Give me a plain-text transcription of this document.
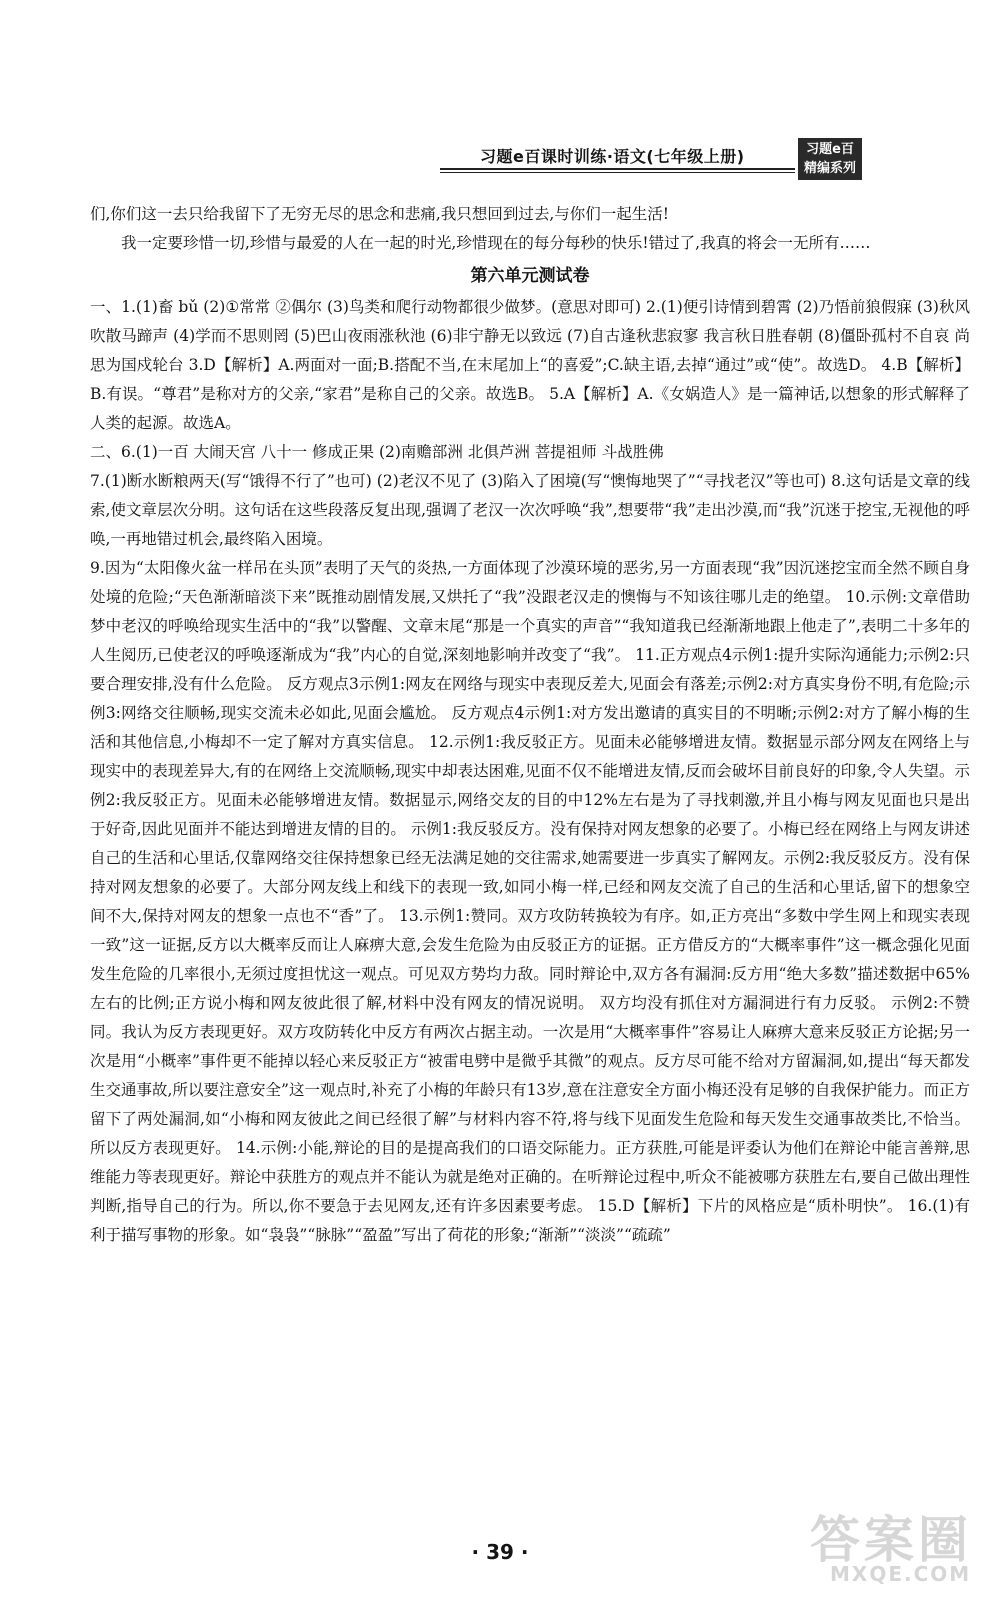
习题e百课时训练·语文(七年级上册)	习题e百
精编系列

们,你们这一去只给我留下了无穷无尽的思念和悲痛,我只想回到过去,与你们一起生活!

我一定要珍惜一切,珍惜与最爱的人在一起的时光,珍惜现在的每分每秒的快乐!错过了,我真的将会一无所有……

第六单元测试卷

一、1.(1)畜 bǔ (2)①常常 ②偶尔 (3)鸟类和爬行动物都很少做梦。(意思对即可) 2.(1)便引诗情到碧霄 (2)乃悟前狼假寐 (3)秋风吹散马蹄声 (4)学而不思则罔 (5)巴山夜雨涨秋池 (6)非宁静无以致远 (7)自古逢秋悲寂寥 我言秋日胜春朝 (8)僵卧孤村不自哀 尚思为国戍轮台 3.D【解析】A.两面对一面;B.搭配不当,在末尾加上“的喜爱”;C.缺主语,去掉“通过”或“使”。故选D。 4.B【解析】B.有误。“尊君”是称对方的父亲,“家君”是称自己的父亲。故选B。 5.A【解析】A.《女娲造人》是一篇神话,以想象的形式解释了人类的起源。故选A。

二、6.(1)一百 大闹天宫 八十一 修成正果 (2)南赡部洲 北俱芦洲 菩提祖师 斗战胜佛

7.(1)断水断粮两天(写“饿得不行了”也可) (2)老汉不见了 (3)陷入了困境(写“懊悔地哭了”“寻找老汉”等也可) 8.这句话是文章的线索,使文章层次分明。这句话在这些段落反复出现,强调了老汉一次次呼唤“我”,想要带“我”走出沙漠,而“我”沉迷于挖宝,无视他的呼唤,一再地错过机会,最终陷入困境。

9.因为“太阳像火盆一样吊在头顶”表明了天气的炎热,一方面体现了沙漠环境的恶劣,另一方面表现“我”因沉迷挖宝而全然不顾自身处境的危险;“天色渐渐暗淡下来”既推动剧情发展,又烘托了“我”没跟老汉走的懊悔与不知该往哪儿走的绝望。 10.示例:文章借助梦中老汉的呼唤给现实生活中的“我”以警醒、文章末尾“那是一个真实的声音”“我知道我已经渐渐地跟上他走了”,表明二十多年的人生阅历,已使老汉的呼唤逐渐成为“我”内心的自觉,深刻地影响并改变了“我”。 11.正方观点4示例1:提升实际沟通能力;示例2:只要合理安排,没有什么危险。 反方观点3示例1:网友在网络与现实中表现反差大,见面会有落差;示例2:对方真实身份不明,有危险;示例3:网络交往顺畅,现实交流未必如此,见面会尴尬。 反方观点4示例1:对方发出邀请的真实目的不明晰;示例2:对方了解小梅的生活和其他信息,小梅却不一定了解对方真实信息。 12.示例1:我反驳正方。见面未必能够增进友情。数据显示部分网友在网络上与现实中的表现差异大,有的在网络上交流顺畅,现实中却表达困难,见面不仅不能增进友情,反而会破坏目前良好的印象,令人失望。示例2:我反驳正方。见面未必能够增进友情。数据显示,网络交友的目的中12%左右是为了寻找刺激,并且小梅与网友见面也只是出于好奇,因此见面并不能达到增进友情的目的。 示例1:我反驳反方。没有保持对网友想象的必要了。小梅已经在网络上与网友讲述自己的生活和心里话,仅靠网络交往保持想象已经无法满足她的交往需求,她需要进一步真实了解网友。示例2:我反驳反方。没有保持对网友想象的必要了。大部分网友线上和线下的表现一致,如同小梅一样,已经和网友交流了自己的生活和心里话,留下的想象空间不大,保持对网友的想象一点也不“香”了。 13.示例1:赞同。双方攻防转换较为有序。如,正方亮出“多数中学生网上和现实表现一致”这一证据,反方以大概率反而让人麻痹大意,会发生危险为由反驳正方的证据。正方借反方的“大概率事件”这一概念强化见面发生危险的几率很小,无须过度担忧这一观点。可见双方势均力敌。同时辩论中,双方各有漏洞:反方用“绝大多数”描述数据中65%左右的比例;正方说小梅和网友彼此很了解,材料中没有网友的情况说明。 双方均没有抓住对方漏洞进行有力反驳。 示例2:不赞同。我认为反方表现更好。双方攻防转化中反方有两次占据主动。一次是用“大概率事件”容易让人麻痹大意来反驳正方论据;另一次是用“小概率”事件更不能掉以轻心来反驳正方“被雷电劈中是微乎其微”的观点。反方尽可能不给对方留漏洞,如,提出“每天都发生交通事故,所以要注意安全”这一观点时,补充了小梅的年龄只有13岁,意在注意安全方面小梅还没有足够的自我保护能力。而正方留下了两处漏洞,如“小梅和网友彼此之间已经很了解”与材料内容不符,将与线下见面发生危险和每天发生交通事故类比,不恰当。所以反方表现更好。 14.示例:小能,辩论的目的是提高我们的口语交际能力。正方获胜,可能是评委认为他们在辩论中能言善辩,思维能力等表现更好。辩论中获胜方的观点并不能认为就是绝对正确的。在听辩论过程中,听众不能被哪方获胜左右,要自己做出理性判断,指导自己的行为。所以,你不要急于去见网友,还有许多因素要考虑。 15.D【解析】下片的风格应是“质朴明快”。 16.(1)有利于描写事物的形象。如“袅袅”“脉脉”“盈盈”写出了荷花的形象;“渐渐”“淡淡”“疏疏”

· 39 ·	答案圈
MXQE.COM
